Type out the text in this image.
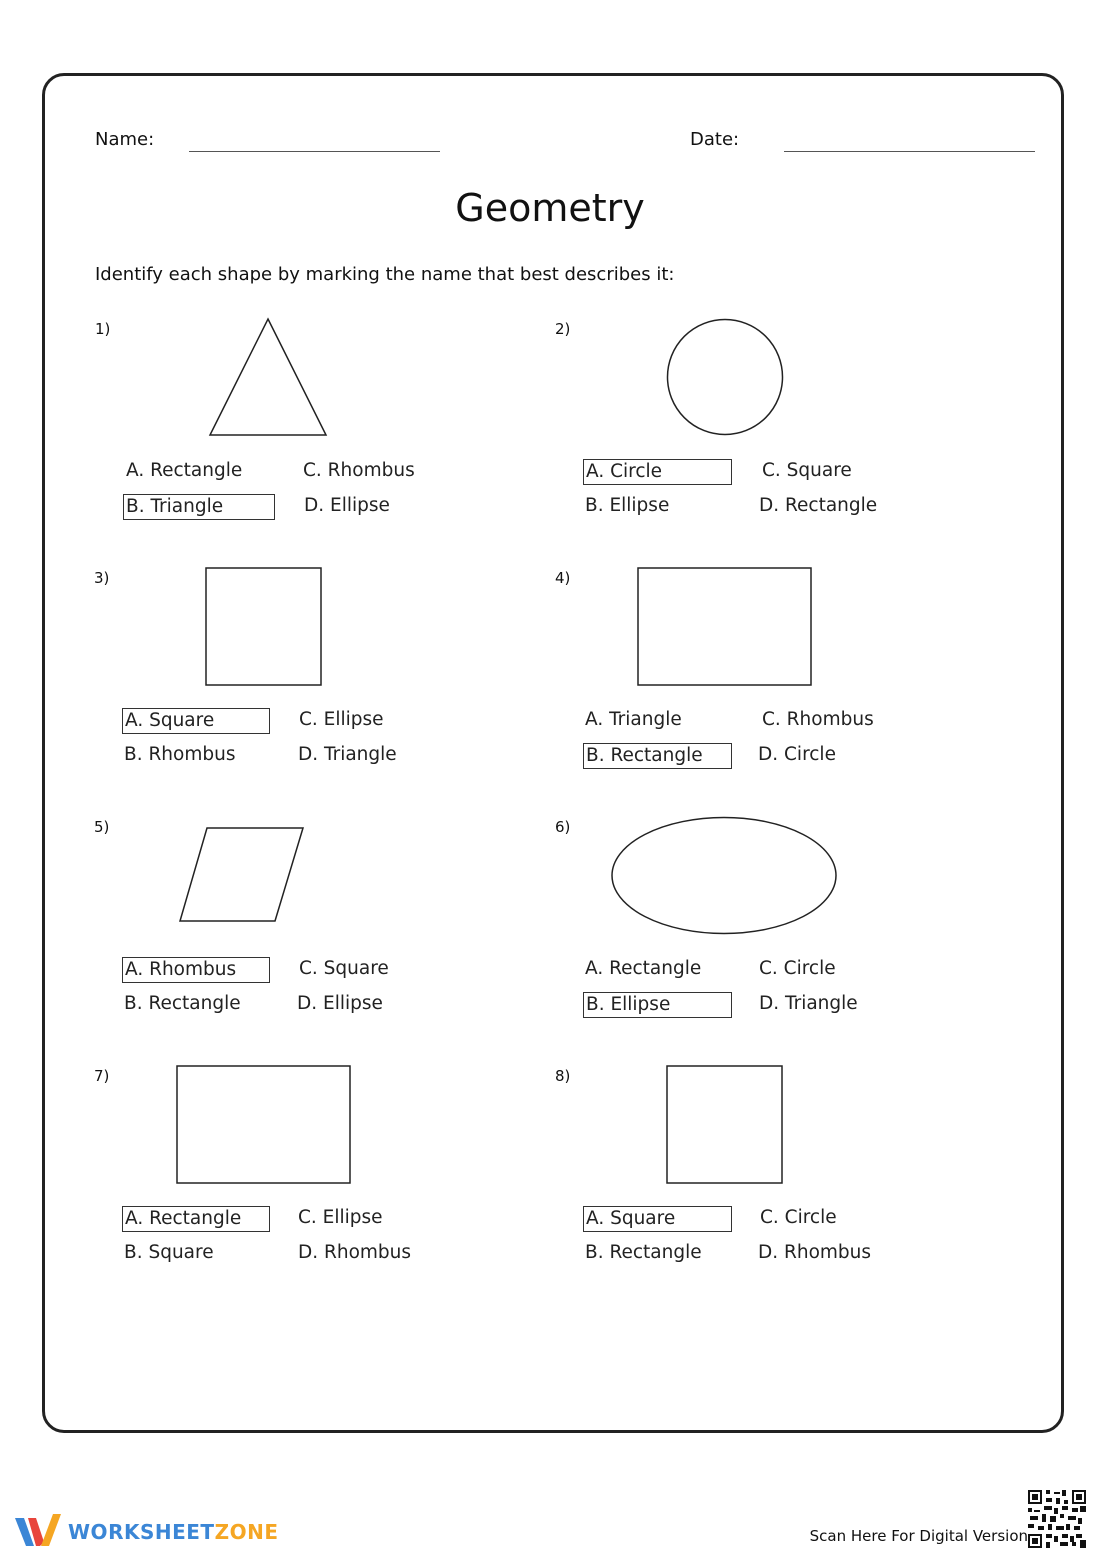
Name:	Date:
Geometry
Identify each shape by marking the name that best describes it:
1)
A. Rectangle
B. Triangle
C. Rhombus
D. Ellipse
2)
A. Circle
B. Ellipse
C. Square
D. Rectangle
3)
A. Square
B. Rhombus
C. Ellipse
D. Triangle
4)
A. Triangle
B. Rectangle
C. Rhombus
D. Circle
5)
A. Rhombus
B. Rectangle
C. Square
D. Ellipse
6)
A. Rectangle
B. Ellipse
C. Circle
D. Triangle
7)
A. Rectangle
B. Square
C. Ellipse
D. Rhombus
8)
A. Square
B. Rectangle
C. Circle
D. Rhombus
WORKSHEETZONE	Scan Here For Digital Version
